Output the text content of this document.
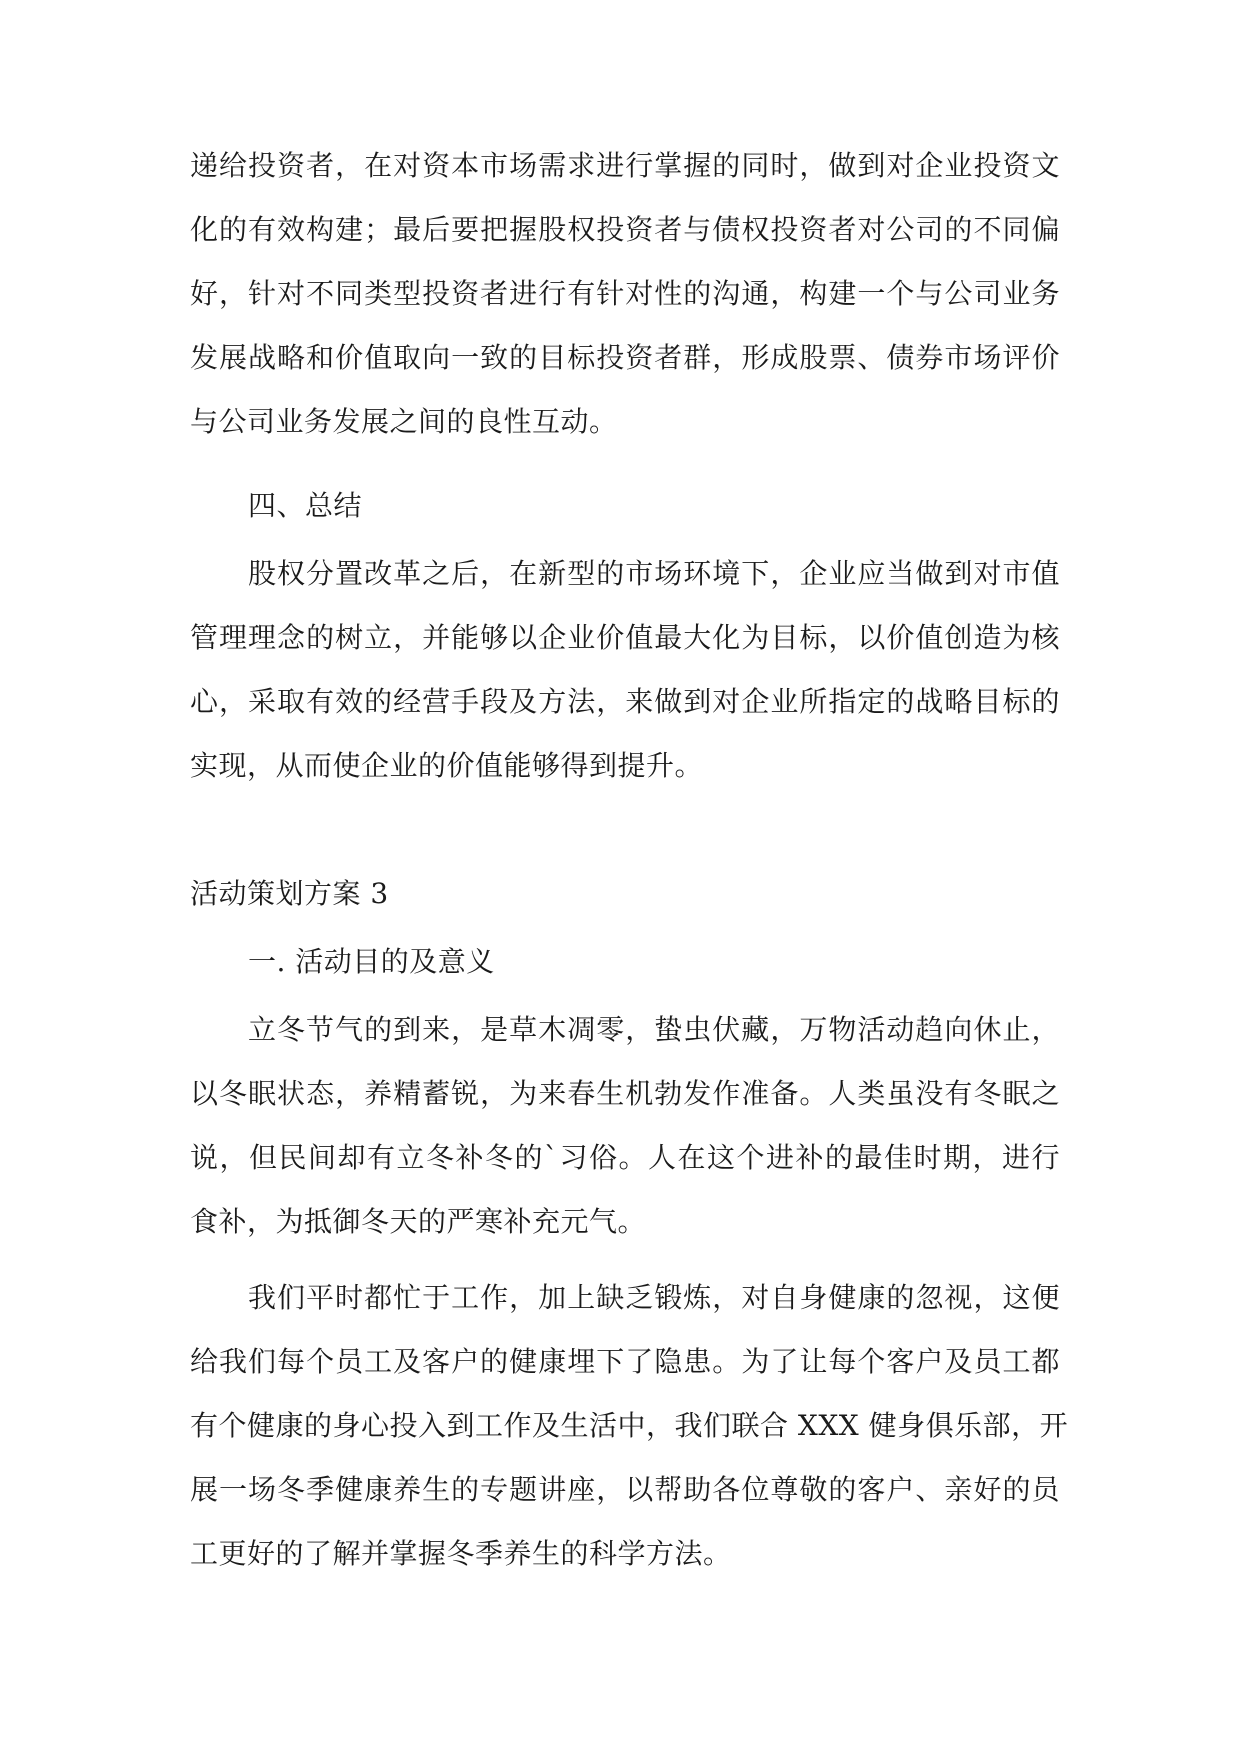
递给投资者，在对资本市场需求进行掌握的同时，做到对企业投资文
化的有效构建；最后要把握股权投资者与债权投资者对公司的不同偏
好，针对不同类型投资者进行有针对性的沟通，构建一个与公司业务
发展战略和价值取向一致的目标投资者群，形成股票、债券市场评价
与公司业务发展之间的良性互动。
四、总结
股权分置改革之后，在新型的市场环境下，企业应当做到对市值
管理理念的树立，并能够以企业价值最大化为目标，以价值创造为核
心，采取有效的经营手段及方法，来做到对企业所指定的战略目标的
实现，从而使企业的价值能够得到提升。
活动策划方案 3
一. 活动目的及意义
立冬节气的到来，是草木凋零，蛰虫伏藏，万物活动趋向休止，
以冬眠状态，养精蓄锐，为来春生机勃发作准备。人类虽没有冬眠之
说，但民间却有立冬补冬的`习俗。人在这个进补的最佳时期，进行
食补，为抵御冬天的严寒补充元气。
我们平时都忙于工作，加上缺乏锻炼，对自身健康的忽视，这便
给我们每个员工及客户的健康埋下了隐患。为了让每个客户及员工都
有个健康的身心投入到工作及生活中，我们联合 XXX 健身俱乐部，开
展一场冬季健康养生的专题讲座，以帮助各位尊敬的客户、亲好的员
工更好的了解并掌握冬季养生的科学方法。
